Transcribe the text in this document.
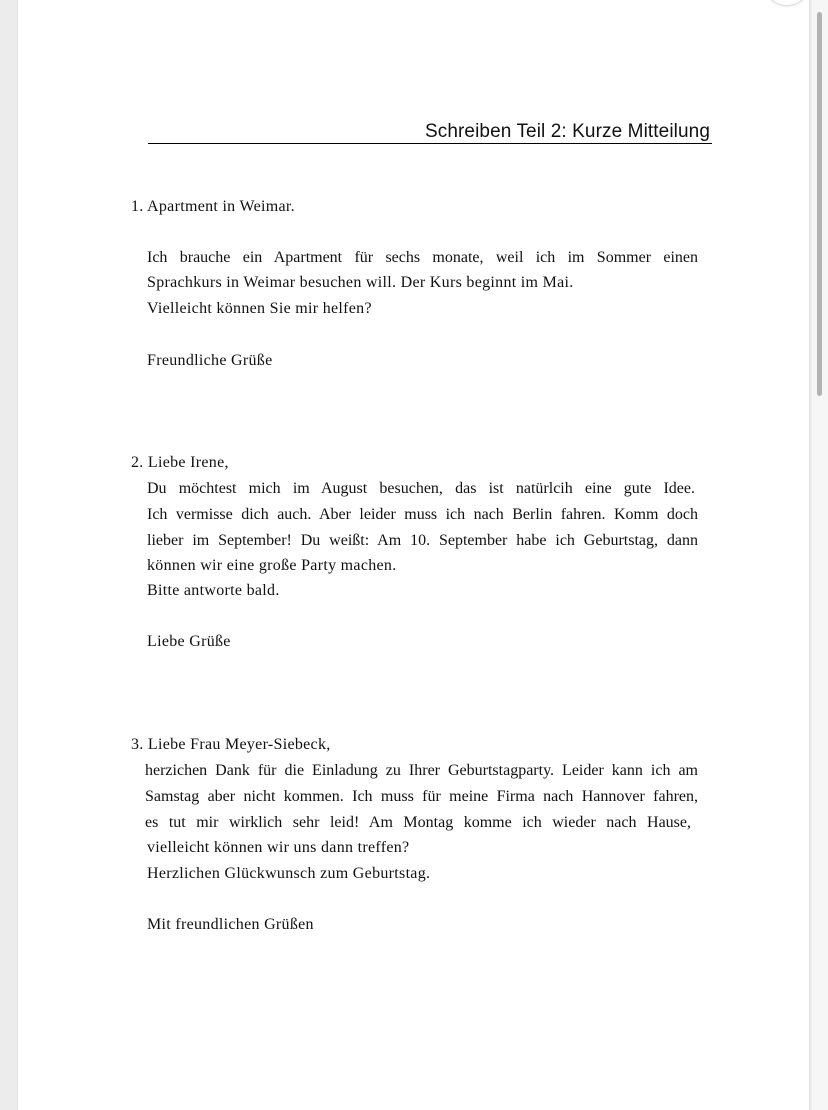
Schreiben Teil 2: Kurze Mitteilung
1. Apartment in Weimar.
Ich brauche ein Apartment für sechs monate, weil ich im Sommer einen
Sprachkurs in Weimar besuchen will. Der Kurs beginnt im Mai.
Vielleicht können Sie mir helfen?
Freundliche Grüße
2. Liebe Irene,
Du möchtest mich im August besuchen, das ist natürlcih eine gute Idee.
Ich vermisse dich auch. Aber leider muss ich nach Berlin fahren. Komm doch
lieber im September! Du weißt: Am 10. September habe ich Geburtstag, dann
können wir eine große Party machen.
Bitte antworte bald.
Liebe Grüße
3. Liebe Frau Meyer-Siebeck,
herzichen Dank für die Einladung zu Ihrer Geburtstagparty. Leider kann ich am
Samstag aber nicht kommen. Ich muss für meine Firma nach Hannover fahren,
es tut mir wirklich sehr leid! Am Montag komme ich wieder nach Hause,
vielleicht können wir uns dann treffen?
Herzlichen Glückwunsch zum Geburtstag.
Mit freundlichen Grüßen
